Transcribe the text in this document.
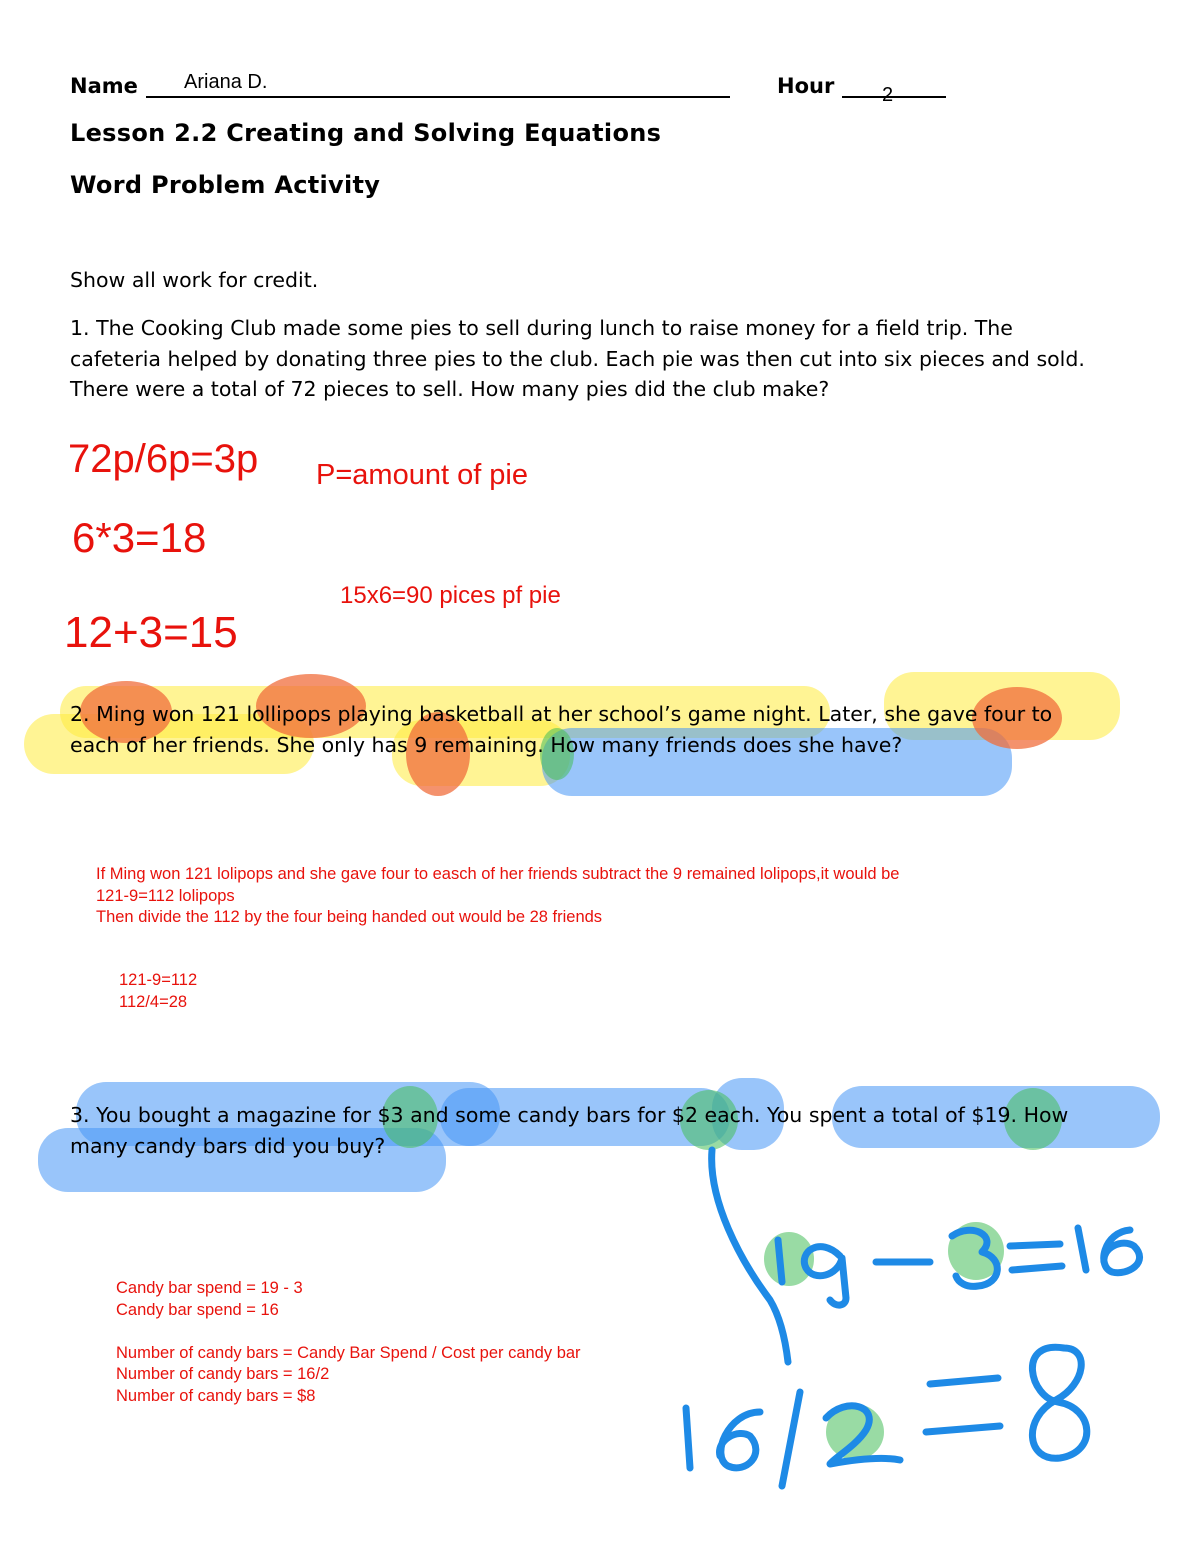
Name Ariana D.	Hour 2
Lesson 2.2 Creating and Solving Equations
Word Problem Activity
Show all work for credit.
1. The Cooking Club made some pies to sell during lunch to raise money for a field trip. The
cafeteria helped by donating three pies to the club. Each pie was then cut into six pieces and sold.
There were a total of 72 pieces to sell. How many pies did the club make?
72p/6p=3p P=amount of pie
6*3=18
15x6=90 pices pf pie
12+3=15
2. Ming won 121 lollipops playing basketball at her school’s game night. Later, she gave four to
each of her friends. She only has 9 remaining. How many friends does she have?
If Ming won 121 lolipops and she gave four to easch of her friends subtract the 9 remained lolipops,it would be
121-9=112 lolipops
Then divide the 112 by the four being handed out would be 28 friends
121-9=112
112/4=28
3. You bought a magazine for $3 and some candy bars for $2 each. You spent a total of $19. How
many candy bars did you buy?
Candy bar spend = 19 - 3
Candy bar spend = 16
Number of candy bars = Candy Bar Spend / Cost per candy bar
Number of candy bars = 16/2
Number of candy bars = $8
